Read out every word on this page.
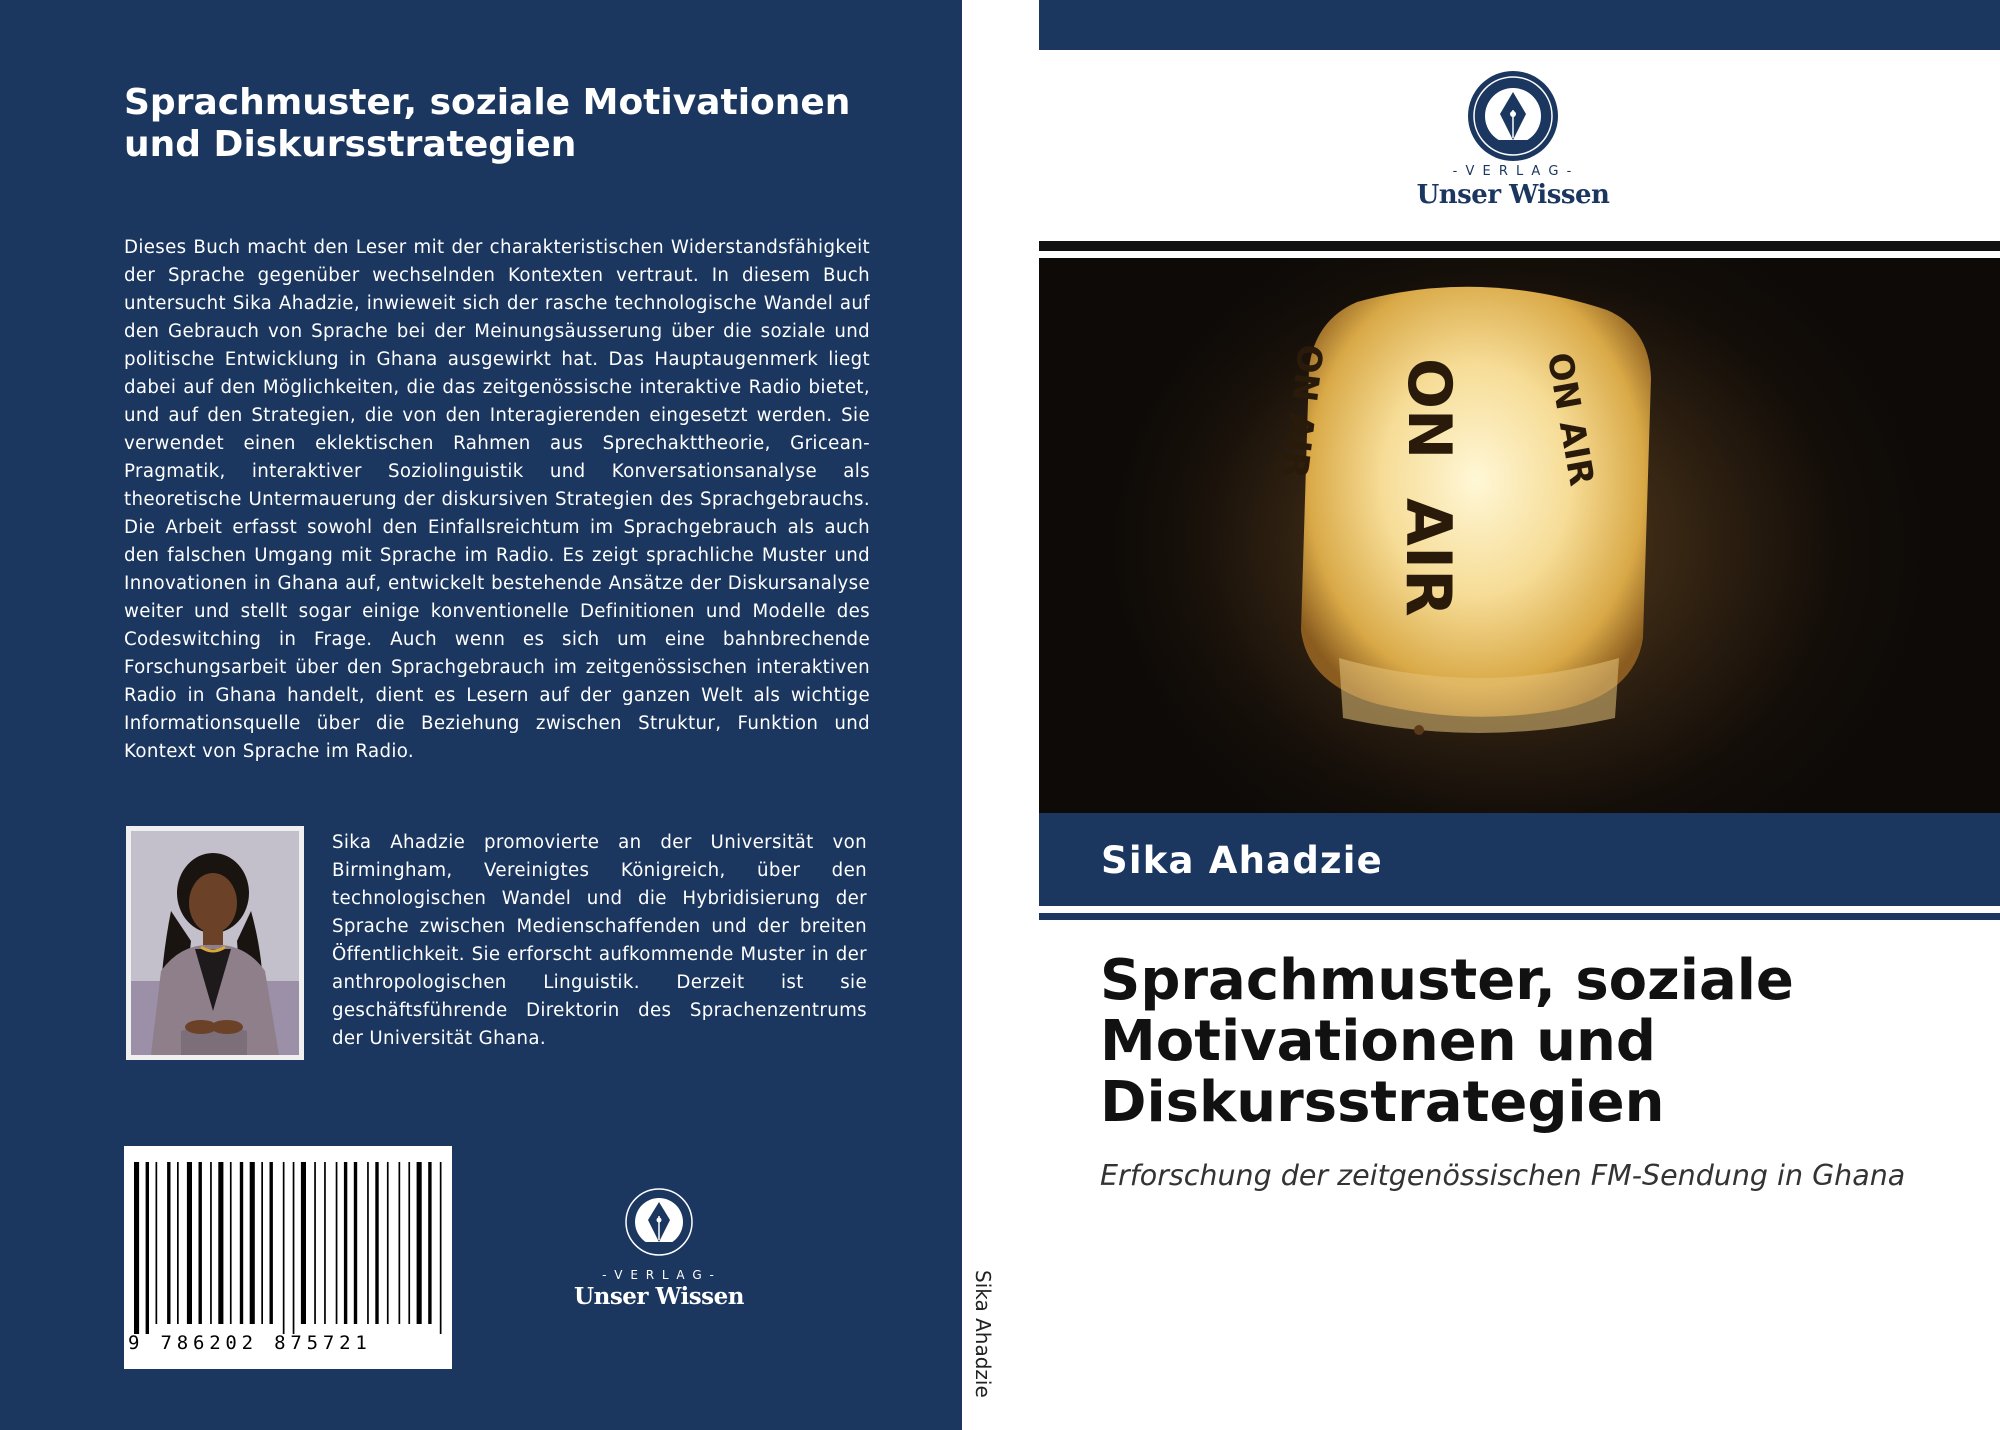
Sprachmuster, soziale Motivationen und Diskursstrategien

Dieses Buch macht den Leser mit der charakteristischen Widerstandsfähigkeit der Sprache gegenüber wechselnden Kontexten vertraut. In diesem Buch untersucht Sika Ahadzie, inwieweit sich der rasche technologische Wandel auf den Gebrauch von Sprache bei der Meinungsäusserung über die soziale und politische Entwicklung in Ghana ausgewirkt hat. Das Hauptaugenmerk liegt dabei auf den Möglichkeiten, die das zeitgenössische interaktive Radio bietet, und auf den Strategien, die von den Interagierenden eingesetzt werden. Sie verwendet einen eklektischen Rahmen aus Sprechakttheorie, Gricean-Pragmatik, interaktiver Soziolinguistik und Konversationsanalyse als theoretische Untermauerung der diskursiven Strategien des Sprachgebrauchs. Die Arbeit erfasst sowohl den Einfallsreichtum im Sprachgebrauch als auch den falschen Umgang mit Sprache im Radio. Es zeigt sprachliche Muster und Innovationen in Ghana auf, entwickelt bestehende Ansätze der Diskursanalyse weiter und stellt sogar einige konventionelle Definitionen und Modelle des Codeswitching in Frage. Auch wenn es sich um eine bahnbrechende Forschungsarbeit über den Sprachgebrauch im zeitgenössischen interaktiven Radio in Ghana handelt, dient es Lesern auf der ganzen Welt als wichtige Informationsquelle über die Beziehung zwischen Struktur, Funktion und Kontext von Sprache im Radio.

Sika Ahadzie promovierte an der Universität von Birmingham, Vereinigtes Königreich, über den technologischen Wandel und die Hybridisierung der Sprache zwischen Medienschaffenden und der breiten Öffentlichkeit. Sie erforscht aufkommende Muster in der anthropologischen Linguistik. Derzeit ist sie geschäftsführende Direktorin des Sprachenzentrums der Universität Ghana.

9 786202 875721
- V E R L A G -
Unser Wissen	Sika Ahadzie
- V E R L A G -
Unser Wissen
ON
AIR
ON AIR	ON AIR

Sika Ahadzie

Sprachmuster, soziale Motivationen und Diskursstrategien

Erforschung der zeitgenössischen FM-Sendung in Ghana
